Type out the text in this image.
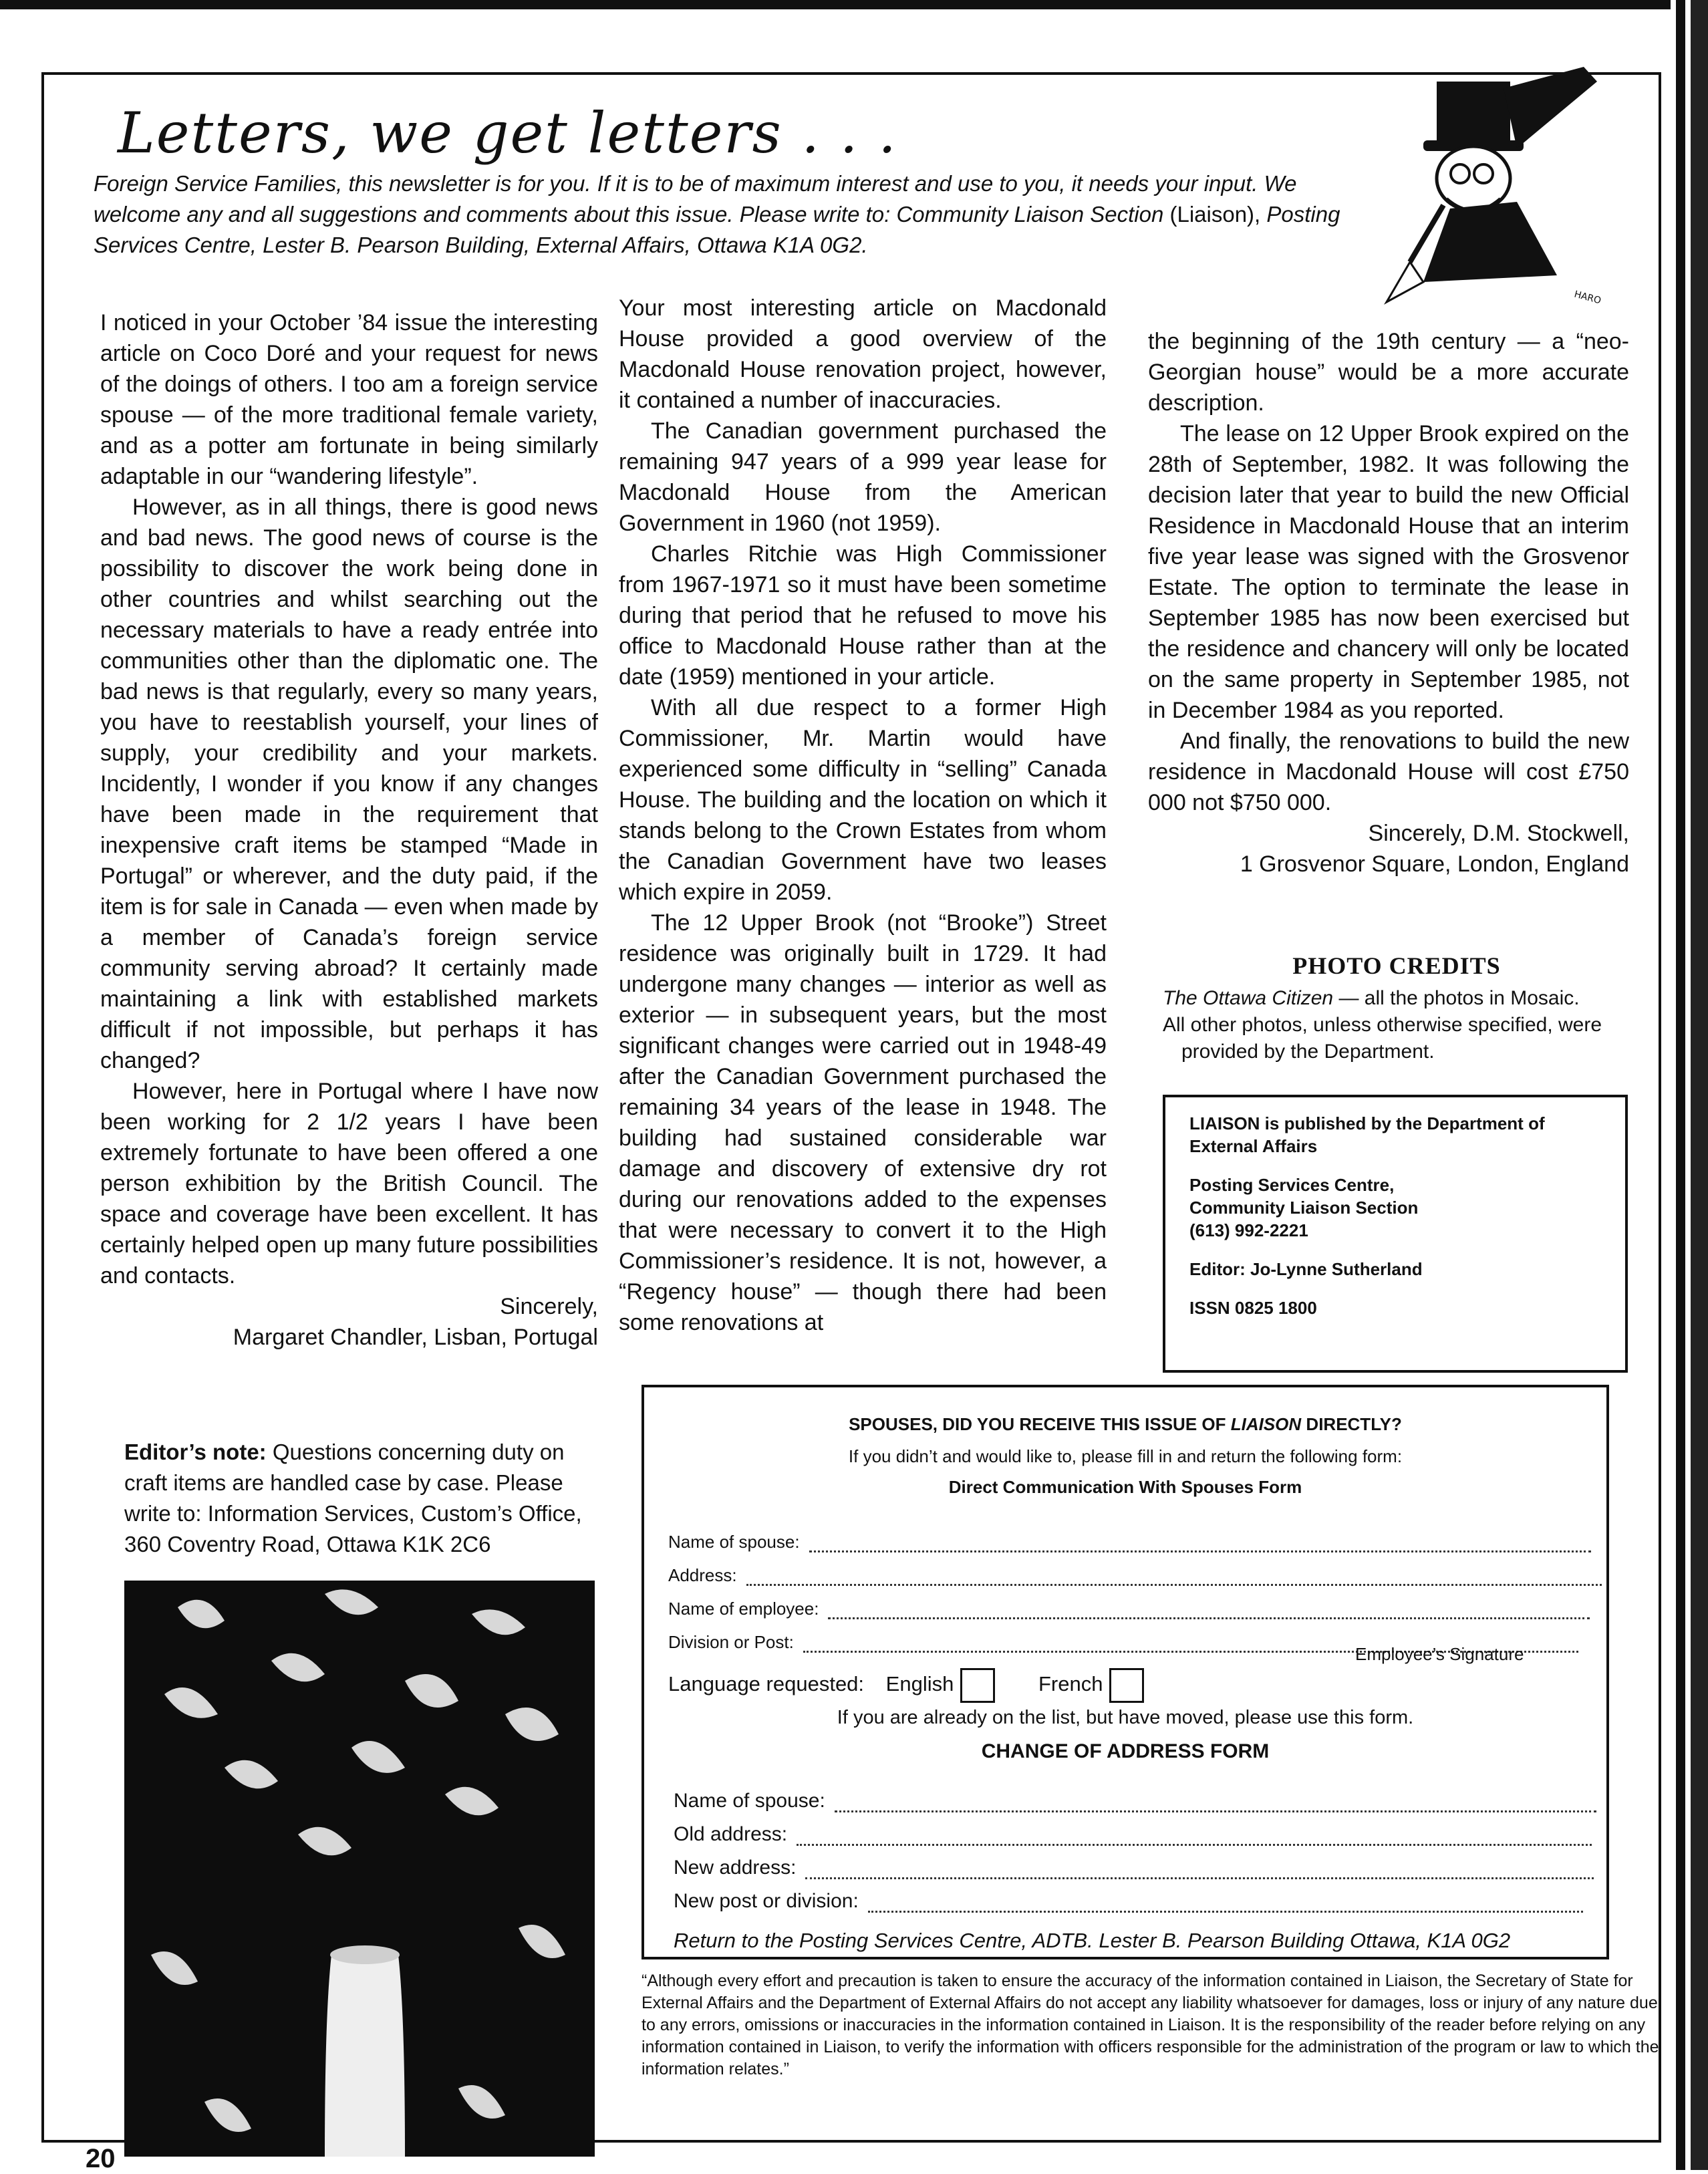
Letters, we get letters . . .
Foreign Service Families, this newsletter is for you. If it is to be of maximum interest and use to you, it needs your input. We welcome any and all suggestions and comments about this issue. Please write to: Community Liaison Section (Liaison), Posting Services Centre, Lester B. Pearson Building, External Affairs, Ottawa K1A 0G2.
HARO

I noticed in your October ’84 issue the interesting article on Coco Doré and your request for news of the doings of others. I too am a foreign service spouse — of the more traditional female variety, and as a potter am fortunate in being similarly adaptable in our “wandering lifestyle”.

However, as in all things, there is good news and bad news. The good news of course is the possibility to discover the work being done in other countries and whilst searching out the necessary materials to have a ready entrée into communities other than the diplomatic one. The bad news is that regularly, every so many years, you have to reestablish yourself, your lines of supply, your credibility and your markets. Incidently, I wonder if you know if any changes have been made in the requirement that inexpensive craft items be stamped “Made in Portugal” or wherever, and the duty paid, if the item is for sale in Canada — even when made by a member of Canada’s foreign service community serving abroad? It certainly made maintaining a link with established markets difficult if not impossible, but perhaps it has changed?

However, here in Portugal where I have now been working for 2 1/2 years I have been extremely fortunate to have been offered a one person exhibition by the British Council. The space and coverage have been excellent. It has certainly helped open up many future possibilities and contacts.

Sincerely,

Margaret Chandler, Lisban, Portugal

Editor’s note: Questions concerning duty on craft items are handled case by case. Please write to: Information Services, Custom’s Office, 360 Coventry Road, Ottawa K1K 2C6

Your most interesting article on Macdonald House provided a good overview of the Macdonald House renovation project, however, it contained a number of inaccuracies.

The Canadian government purchased the remaining 947 years of a 999 year lease for Macdonald House from the American Government in 1960 (not 1959).

Charles Ritchie was High Commissioner from 1967-1971 so it must have been sometime during that period that he refused to move his office to Macdonald House rather than at the date (1959) mentioned in your article.

With all due respect to a former High Commissioner, Mr. Martin would have experienced some difficulty in “selling” Canada House. The building and the location on which it stands belong to the Crown Estates from whom the Canadian Government have two leases which expire in 2059.

The 12 Upper Brook (not “Brooke”) Street residence was originally built in 1729. It had undergone many changes — interior as well as exterior — in subsequent years, but the most significant changes were carried out in 1948-49 after the Canadian Government purchased the remaining 34 years of the lease in 1948. The building had sustained considerable war damage and discovery of extensive dry rot during our renovations added to the expenses that were necessary to convert it to the High Commissioner’s residence. It is not, however, a “Regency house” — though there had been some renovations at

the beginning of the 19th century — a “neo-Georgian house” would be a more accurate description.

The lease on 12 Upper Brook expired on the 28th of September, 1982. It was following the decision later that year to build the new Official Residence in Macdonald House that an interim five year lease was signed with the Grosvenor Estate. The option to terminate the lease in September 1985 has now been exercised but the residence and chancery will only be located on the same property in September 1985, not in December 1984 as you reported.

And finally, the renovations to build the new residence in Macdonald House will cost £750 000 not $750 000.

Sincerely, D.M. Stockwell,

1 Grosvenor Square, London, England

PHOTO CREDITS
The Ottawa Citizen — all the photos in Mosaic.
All other photos, unless otherwise specified, were
provided by the Department.

LIAISON is published by the Department of External Affairs

Posting Services Centre,
Community Liaison Section
(613) 992-2221

Editor: Jo-Lynne Sutherland

ISSN 0825 1800

SPOUSES, DID YOU RECEIVE THIS ISSUE OF LIAISON DIRECTLY?
If you didn’t and would like to, please fill in and return the following form:
Direct Communication With Spouses Form
Name of spouse:
Address:
Name of employee:
Division or Post:
Employee’s Signature
Language requested: English	French
If you are already on the list, but have moved, please use this form.
CHANGE OF ADDRESS FORM
Name of spouse:
Old address:
New address:
New post or division:
Return to the Posting Services Centre, ADTB. Lester B. Pearson Building Ottawa, K1A 0G2
“Although every effort and precaution is taken to ensure the accuracy of the information contained in Liaison, the Secretary of State for External Affairs and the Department of External Affairs do not accept any liability whatsoever for damages, loss or injury of any nature due to any errors, omissions or inaccuracies in the information contained in Liaison. It is the responsibility of the reader before relying on any information contained in Liaison, to verify the information with officers responsible for the administration of the program or law to which the information relates.”
20
